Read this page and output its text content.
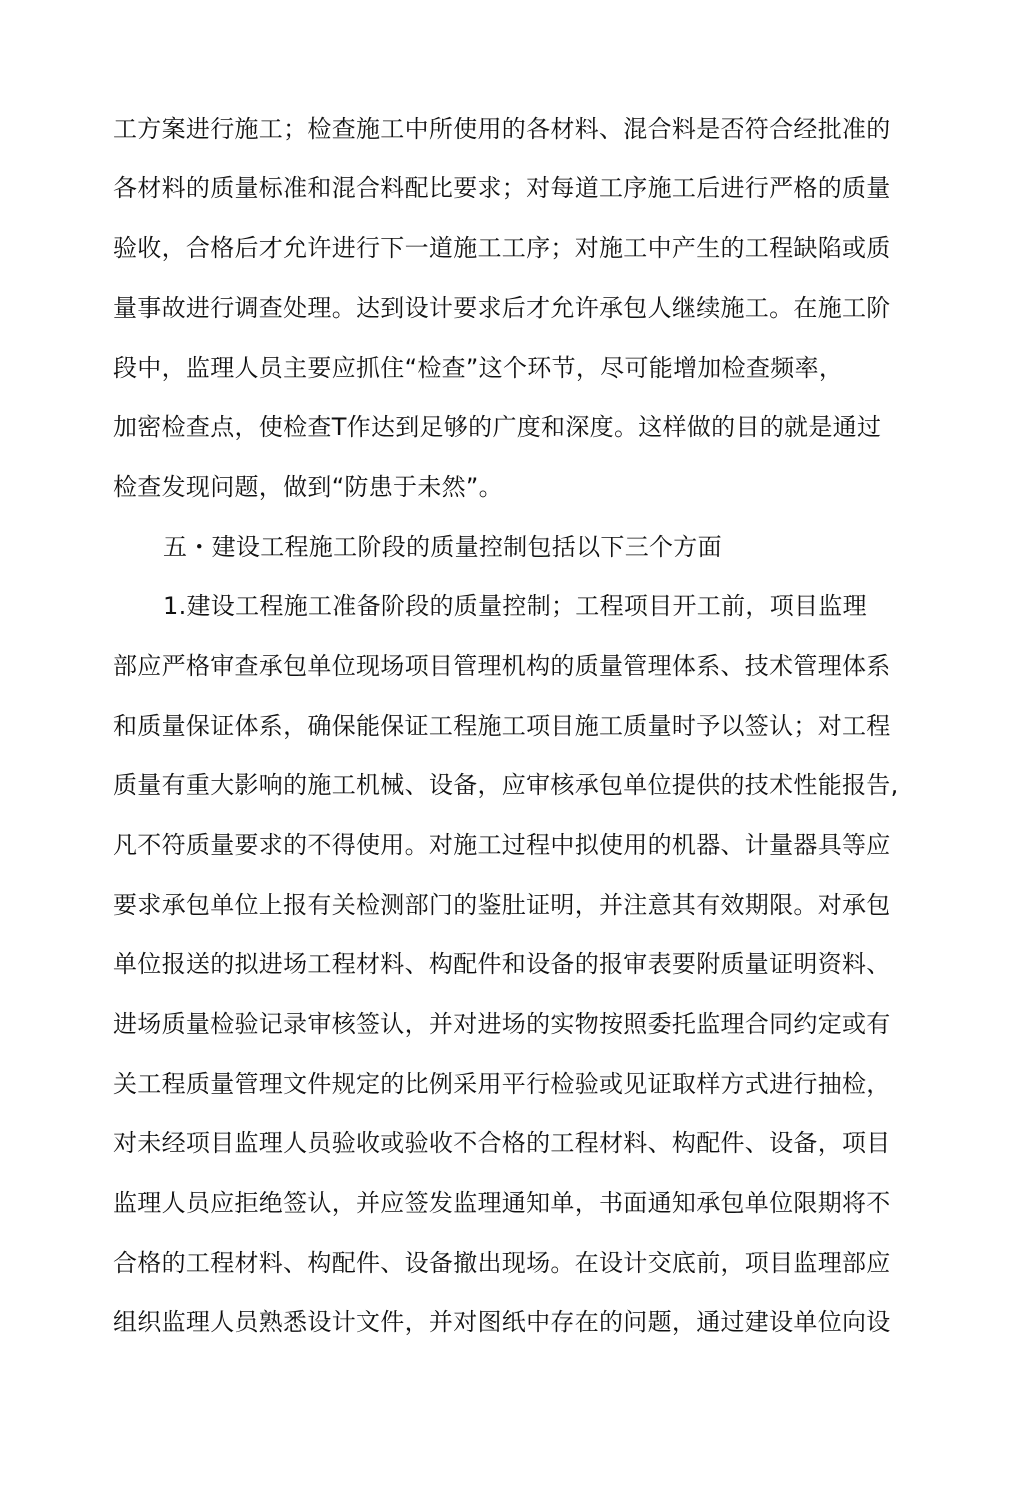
工方案进行施工；检查施工中所使用的各材料、混合料是否符合经批准的
各材料的质量标准和混合料配比要求；对每道工序施工后进行严格的质量
验收，合格后才允许进行下一道施工工序；对施工中产生的工程缺陷或质
量事故进行调查处理。达到设计要求后才允许承包人继续施工。在施工阶
段中，监理人员主要应抓住“检查”这个环节，尽可能增加检查频率，
加密检查点，使检查T作达到足够的广度和深度。这样做的目的就是通过
检查发现问题，做到“防患于未然”。
五・建设工程施工阶段的质量控制包括以下三个方面
1.建设工程施工准备阶段的质量控制；工程项目开工前，项目监理
部应严格审查承包单位现场项目管理机构的质量管理体系、技术管理体系
和质量保证体系，确保能保证工程施工项目施工质量时予以签认；对工程
质量有重大影响的施工机械、设备，应审核承包单位提供的技术性能报告,
凡不符质量要求的不得使用。对施工过程中拟使用的机器、计量器具等应
要求承包单位上报有关检测部门的鉴肚证明，并注意其有效期限。对承包
单位报送的拟进场工程材料、构配件和设备的报审表要附质量证明资料、
进场质量检验记录审核签认，并对进场的实物按照委托监理合同约定或有
关工程质量管理文件规定的比例采用平行检验或见证取样方式进行抽检，
对未经项目监理人员验收或验收不合格的工程材料、构配件、设备，项目
监理人员应拒绝签认，并应签发监理通知单，书面通知承包单位限期将不
合格的工程材料、构配件、设备撤出现场。在设计交底前，项目监理部应
组织监理人员熟悉设计文件，并对图纸中存在的问题，通过建设单位向设
